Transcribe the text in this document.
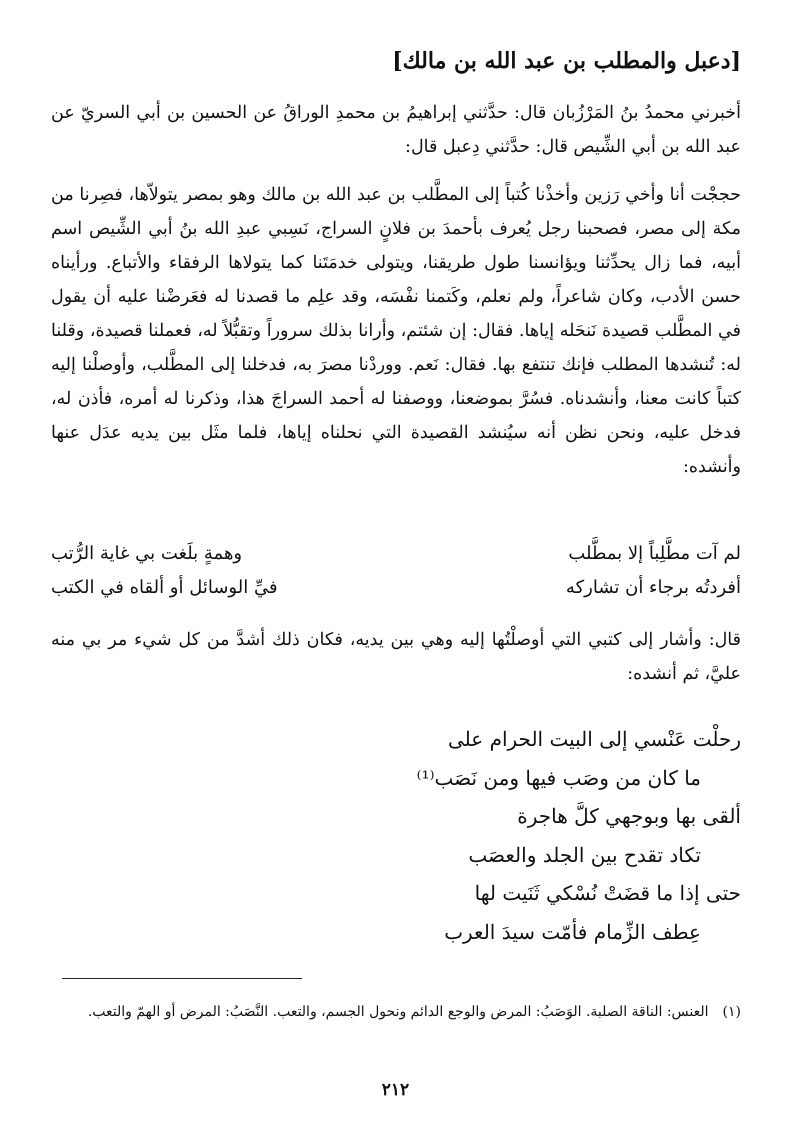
[دعبل والمطلب بن عبد الله بن مالك]
أخبرني محمدُ بنُ المَرْزُبان قال: حدَّثني إبراهيمُ بن محمدِ الوراقُ عن الحسين بن أبي السريّ عن عبد الله بن أبي الشِّيص قال: حدَّثني دِعبل قال:
حججْت أنا وأخي رَزين وأخذْنا كُتباً إلى المطَّلب بن عبد الله بن مالك وهو بمصر يتولاّها، فصِرنا من مكة إلى مصر، فصحبنا رجل يُعرف بأحمدَ بن فلانٍ السراج، نَسِبي عبدِ الله بنُ أبي الشِّيص اسم أبيه، فما زال يحدِّثنا ويؤانسنا طول طريقنا، ويتولى خدمَتَنا كما يتولاها الرفقاء والأتباع. ورأيناه حسن الأدب، وكان شاعراً، ولم نعلم، وكَتمنا نفْسَه، وقد علِم ما قصدنا له فعَرضْنا عليه أن يقول في المطَّلب قصيدة نَنحَله إياها. فقال: إن شئتم، وأرانا بذلك سروراً وتقبُّلاً له، فعملنا قصيدة، وقلنا له: تُنشدها المطلب فإنك تنتفع بها. فقال: نَعم. ووردْنا مصرَ به، فدخلنا إلى المطَّلب، وأوصلْنا إليه كتباً كانت معنا، وأنشدناه. فسُرَّ بموضعنا، ووصفنا له أحمد السراجَ هذا، وذكرنا له أمره، فأذن له، فدخل عليه، ونحن نظن أنه سيُنشد القصيدة التي نحلناه إياها، فلما مثَل بين يديه عدَل عنها وأنشده:
لم آت مطَّلِباً إلا بمطَّلب
وهمةٍ بلَغت بي غاية الرُّتب
أفردتُه برجاء أن تشاركه
فيِّ الوسائل أو ألقاه في الكتب
قال: وأشار إلى كتبي التي أوصلْتُها إليه وهي بين يديه، فكان ذلك أشدَّ من كل شيء مر بي منه عليَّ، ثم أنشده:
رحلْت عَنْسي إلى البيت الحرام على
ما كان من وصَب فيها ومن نَصَب⁽¹⁾
ألقى بها وبوجهي كلَّ هاجرة
تكاد تقدح بين الجلد والعصَب
حتى إذا ما قضَتْ نُسْكي ثَنَيت لها
عِطف الزِّمام فأمّت سيدَ العرب
(١)العنس: الناقة الصلبة. الوَصَبُ: المرض والوجع الدائم ونحول الجسم، والتعب. النَّصَبُ: المرض أو الهمّ والتعب.
٢١٢
